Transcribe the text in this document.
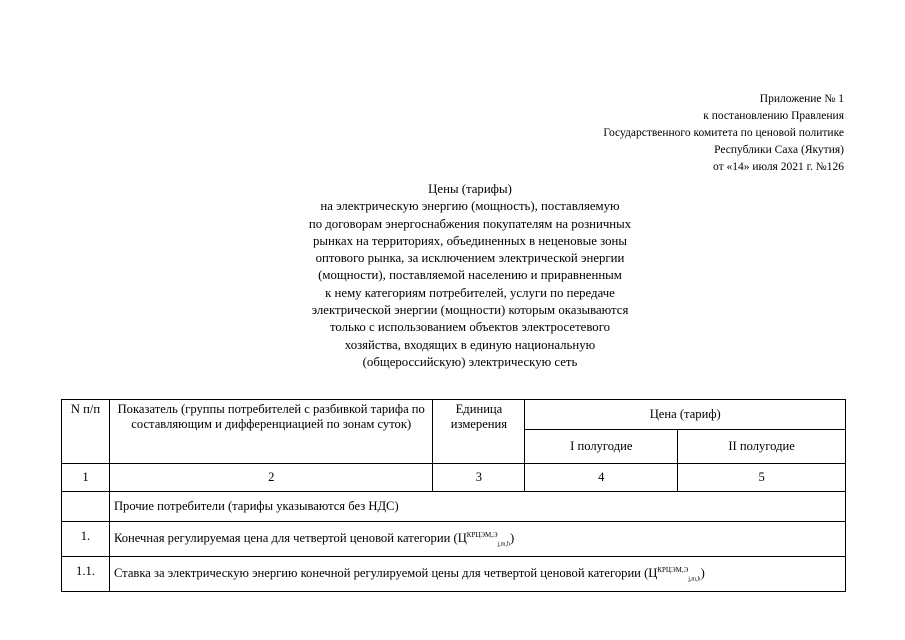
Приложение № 1
к постановлению Правления
Государственного комитета по ценовой политике
Республики Саха (Якутия)
от «14» июля 2021 г. №126
Цены (тарифы)
на электрическую энергию (мощность), поставляемую
по договорам энергоснабжения покупателям на розничных
рынках на территориях, объединенных в неценовые зоны
оптового рынка, за исключением электрической энергии
(мощности), поставляемой населению и приравненным
к нему категориям потребителей, услуги по передаче
электрической энергии (мощности) которым оказываются
только с использованием объектов электросетевого
хозяйства, входящих в единую национальную
(общероссийскую) электрическую сеть
N п/п	Показатель (группы потребителей с разбивкой тарифа по составляющим и дифференциацией по зонам суток)	Единица измерения	Цена (тариф)	
			I полугодие	II полугодие
1	2	3	4	5
	Прочие потребители (тарифы указываются без НДС)			
1.	Конечная регулируемая цена для четвертой ценовой категории $(Ц^{КРЦЭМ,Э}_{j,m,h})$			
1.1.	Ставка за электрическую энергию конечной регулируемой цены для четвертой ценовой категории $(Ц^{КРЦЭМ,Э}_{j,m,h})$			
